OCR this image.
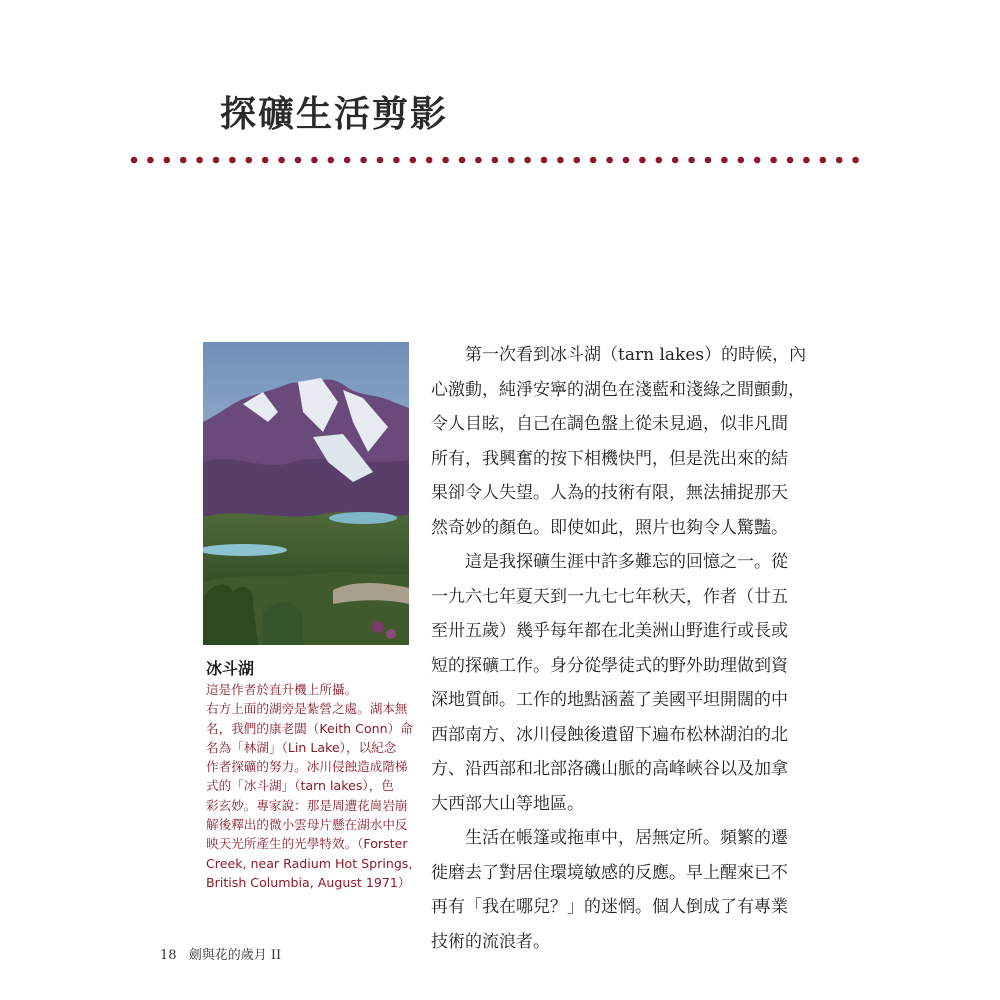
探礦生活剪影

冰斗湖

這是作者於直升機上所攝。
右方上面的湖旁是紮營之處。湖本無
名，我們的康老闆（Keith Conn）命
名為「林湖」（Lin Lake），以紀念
作者探礦的努力。冰川侵蝕造成階梯
式的「冰斗湖」（tarn lakes），色
彩玄妙。專家說：那是周遭花崗岩崩
解後釋出的微小雲母片懸在湖水中反
映天光所產生的光學特效。（Forster
Creek, near Radium Hot Springs,
British Columbia, August 1971）
　　第一次看到冰斗湖（tarn lakes）的時候，內
心激動，純淨安寧的湖色在淺藍和淺綠之間顫動，
令人目眩，自己在調色盤上從未見過，似非凡間
所有，我興奮的按下相機快門，但是洗出來的結
果卻令人失望。人為的技術有限，無法捕捉那天
然奇妙的顏色。即使如此，照片也夠令人驚豔。
　　這是我探礦生涯中許多難忘的回憶之一。從
一九六七年夏天到一九七七年秋天，作者（廿五
至卅五歲）幾乎每年都在北美洲山野進行或長或
短的探礦工作。身分從學徒式的野外助理做到資
深地質師。工作的地點涵蓋了美國平坦開闊的中
西部南方、冰川侵蝕後遺留下遍布松林湖泊的北
方、沿西部和北部洛磯山脈的高峰峽谷以及加拿
大西部大山等地區。
　　生活在帳篷或拖車中，居無定所。頻繁的遷
徙磨去了對居住環境敏感的反應。早上醒來已不
再有「我在哪兒？」的迷惘。個人倒成了有專業
技術的流浪者。
18 劍與花的歲月 II
